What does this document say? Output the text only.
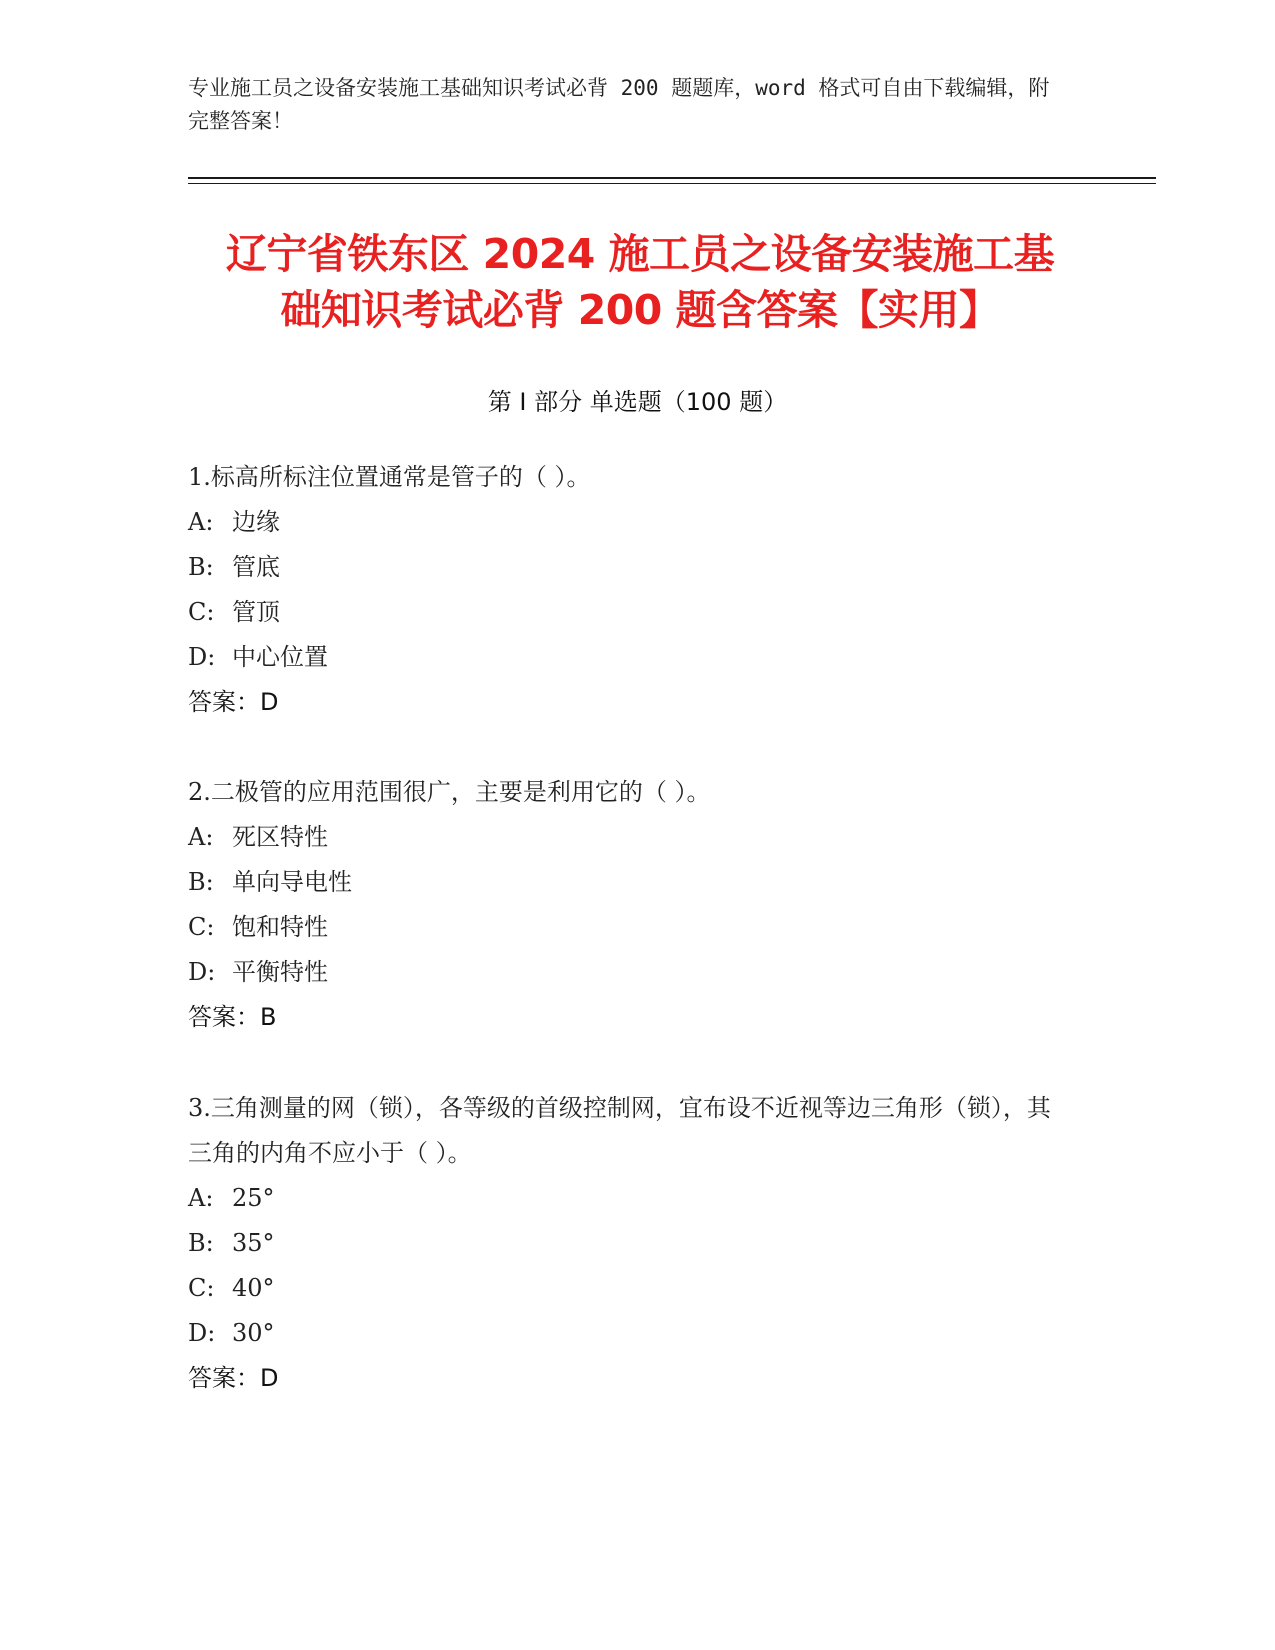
专业施工员之设备安装施工基础知识考试必背 200 题题库，word 格式可自由下载编辑，附完整答案！
辽宁省铁东区 2024 施工员之设备安装施工基
础知识考试必背 200 题含答案【实用】
第 I 部分 单选题（100 题）
1.标高所标注位置通常是管子的（ ）。
A: 边缘
B: 管底
C: 管顶
D: 中心位置
答案：D
2.二极管的应用范围很广，主要是利用它的（ ）。
A: 死区特性
B: 单向导电性
C: 饱和特性
D: 平衡特性
答案：B
3.三角测量的网（锁），各等级的首级控制网，宜布设不近视等边三角形（锁），其三角的内角不应小于（ ）。
A: 25°
B: 35°
C: 40°
D: 30°
答案：D
